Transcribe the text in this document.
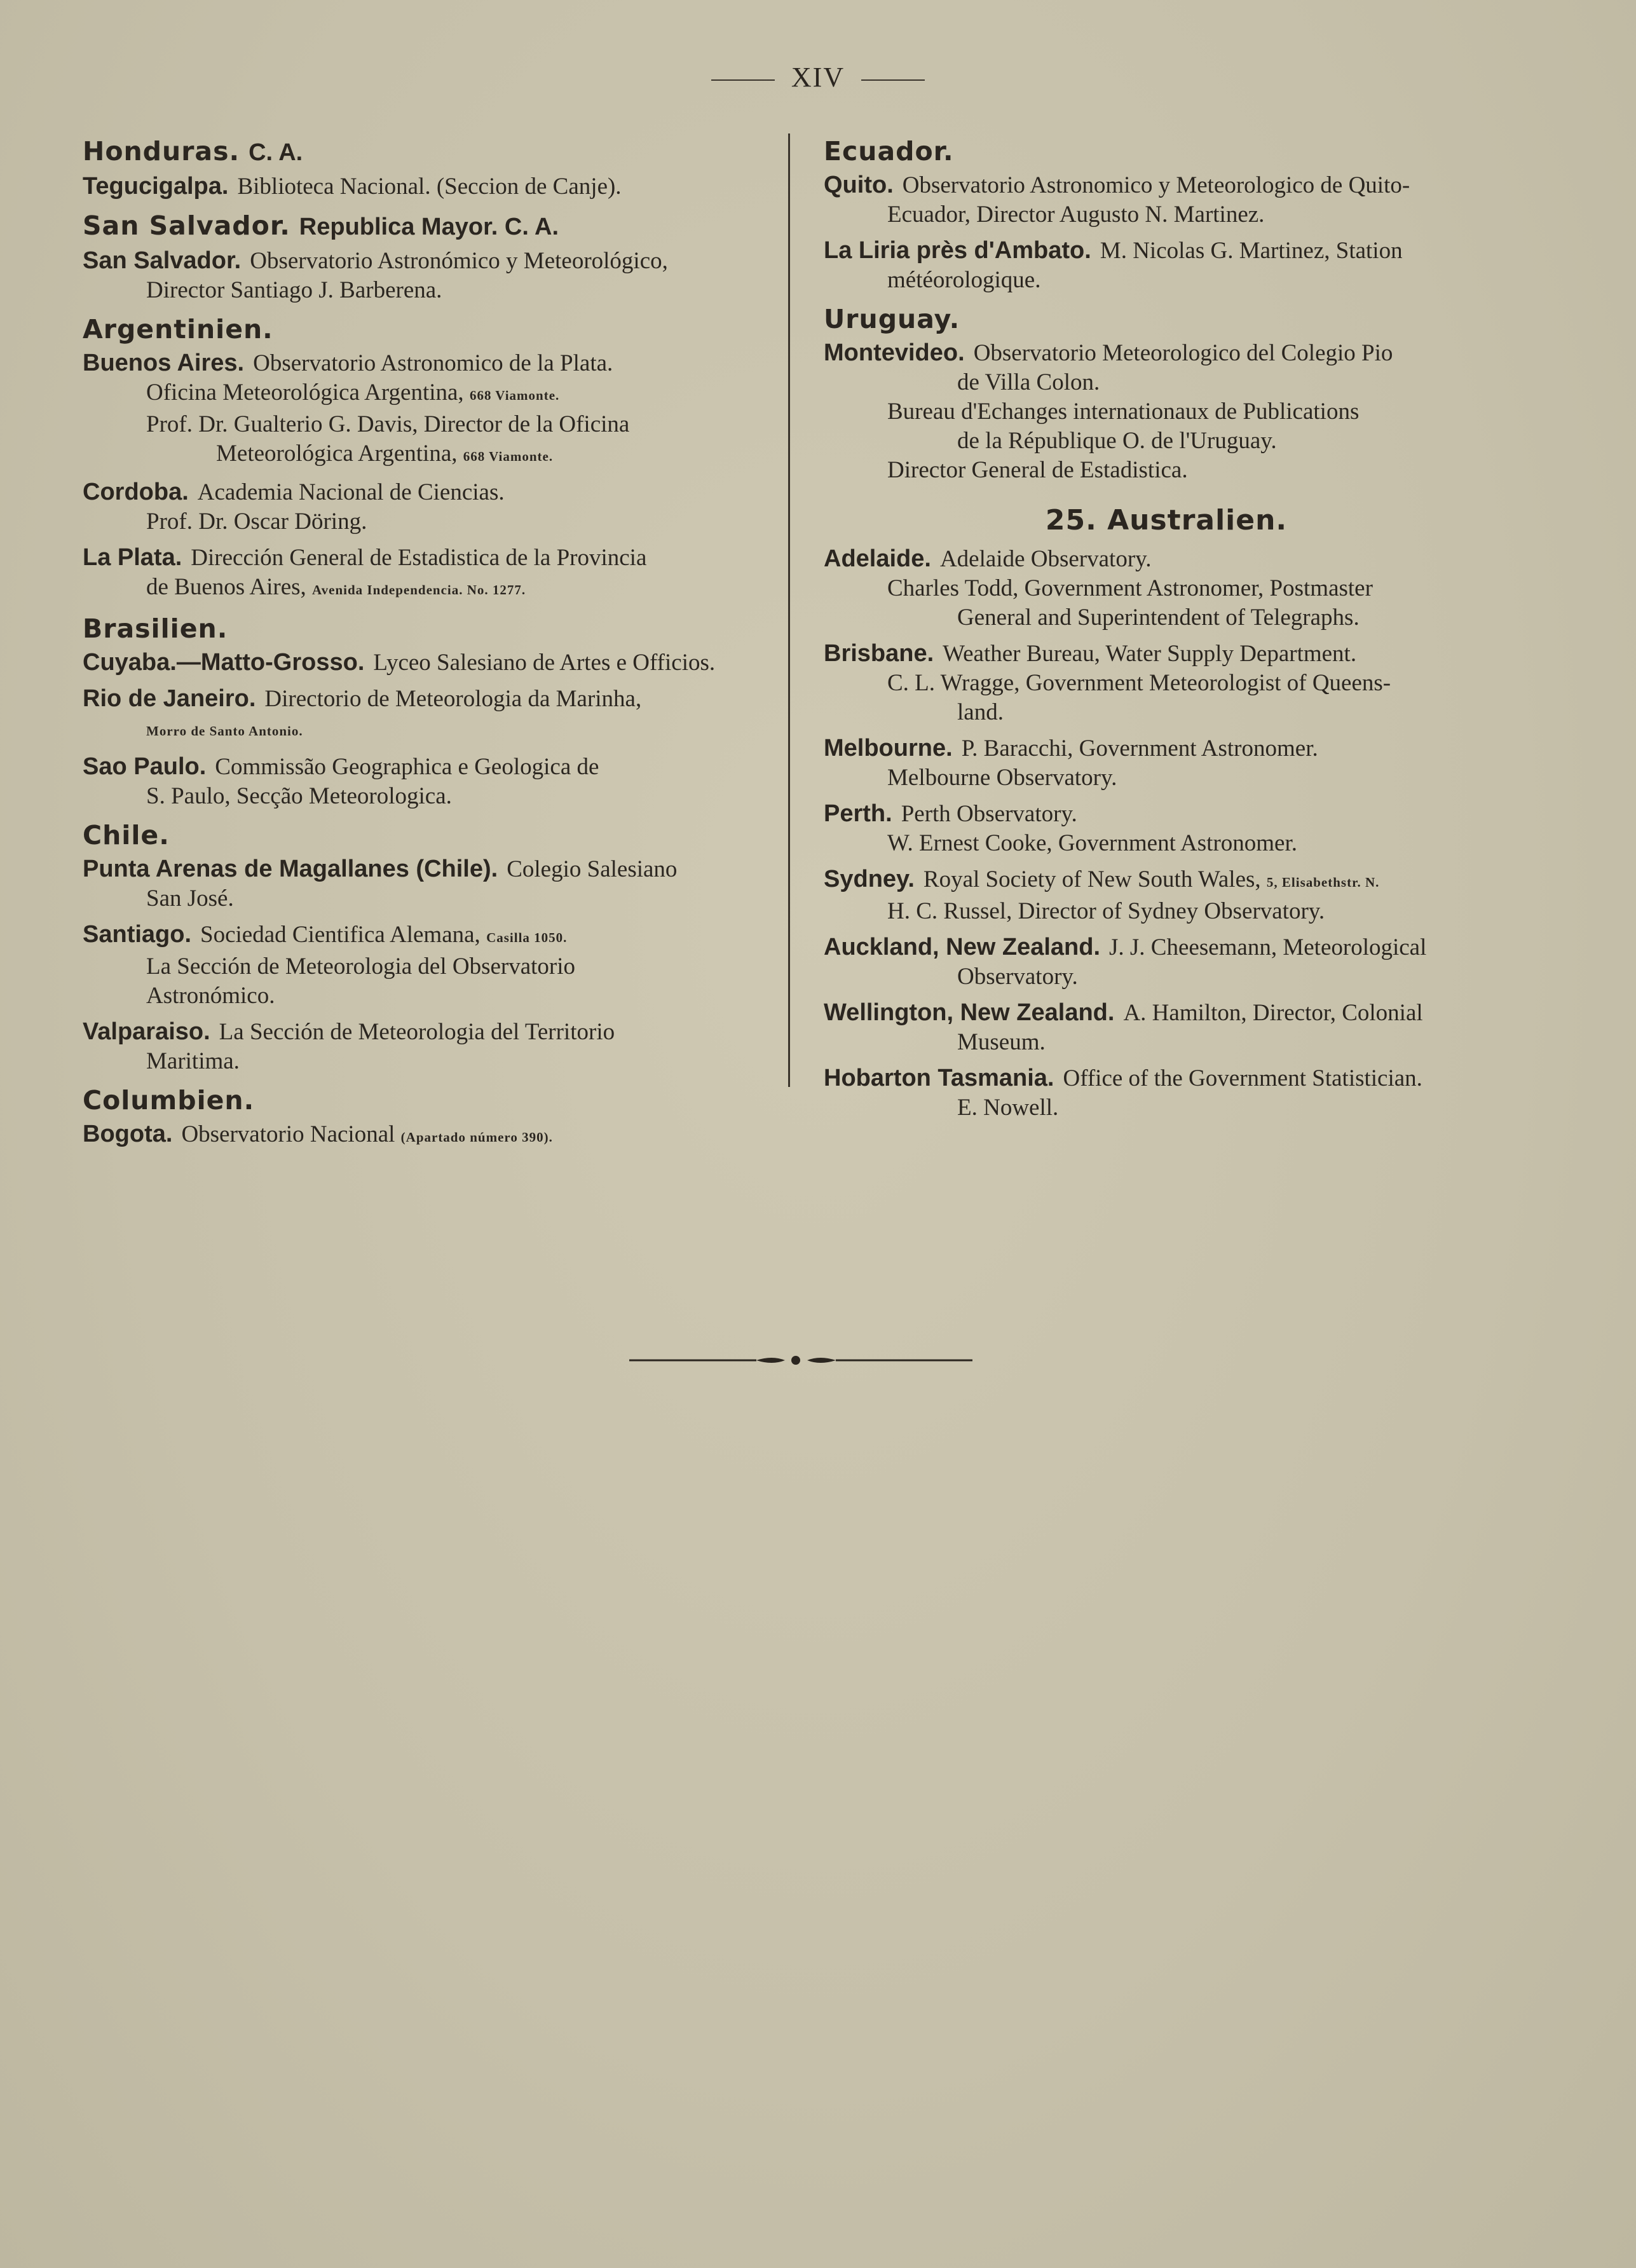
XIV
Honduras. C. A.
Tegucigalpa. Biblioteca Nacional. (Seccion de Canje).
San Salvador. Republica Mayor. C. A.
San Salvador. Observatorio Astronómico y Meteorológico,
Director Santiago J. Barberena.
Argentinien.
Buenos Aires. Observatorio Astronomico de la Plata.
Oficina Meteorológica Argentina, 668 Viamonte.
Prof. Dr. Gualterio G. Davis, Director de la Oficina
Meteorológica Argentina, 668 Viamonte.
Cordoba. Academia Nacional de Ciencias.
Prof. Dr. Oscar Döring.
La Plata. Dirección General de Estadistica de la Provincia
de Buenos Aires, Avenida Independencia. No. 1277.
Brasilien.
Cuyaba.—Matto-Grosso. Lyceo Salesiano de Artes e Officios.
Rio de Janeiro. Directorio de Meteorologia da Marinha,
Morro de Santo Antonio.
Sao Paulo. Commissão Geographica e Geologica de
S. Paulo, Secção Meteorologica.
Chile.
Punta Arenas de Magallanes (Chile). Colegio Salesiano
San José.
Santiago. Sociedad Cientifica Alemana, Casilla 1050.
La Sección de Meteorologia del Observatorio
Astronómico.
Valparaiso. La Sección de Meteorologia del Territorio
Maritima.
Columbien.
Bogota. Observatorio Nacional (Apartado número 390).
Ecuador.
Quito. Observatorio Astronomico y Meteorologico de Quito-
Ecuador, Director Augusto N. Martinez.
La Liria près d'Ambato. M. Nicolas G. Martinez, Station
météorologique.
Uruguay.
Montevideo. Observatorio Meteorologico del Colegio Pio
de Villa Colon.
Bureau d'Echanges internationaux de Publications
de la République O. de l'Uruguay.
Director General de Estadistica.
25. Australien.
Adelaide. Adelaide Observatory.
Charles Todd, Government Astronomer, Postmaster
General and Superintendent of Telegraphs.
Brisbane. Weather Bureau, Water Supply Department.
C. L. Wragge, Government Meteorologist of Queens-
land.
Melbourne. P. Baracchi, Government Astronomer.
Melbourne Observatory.
Perth. Perth Observatory.
W. Ernest Cooke, Government Astronomer.
Sydney. Royal Society of New South Wales, 5, Elisabethstr. N.
H. C. Russel, Director of Sydney Observatory.
Auckland, New Zealand. J. J. Cheesemann, Meteorological
Observatory.
Wellington, New Zealand. A. Hamilton, Director, Colonial
Museum.
Hobarton Tasmania. Office of the Government Statistician.
E. Nowell.
